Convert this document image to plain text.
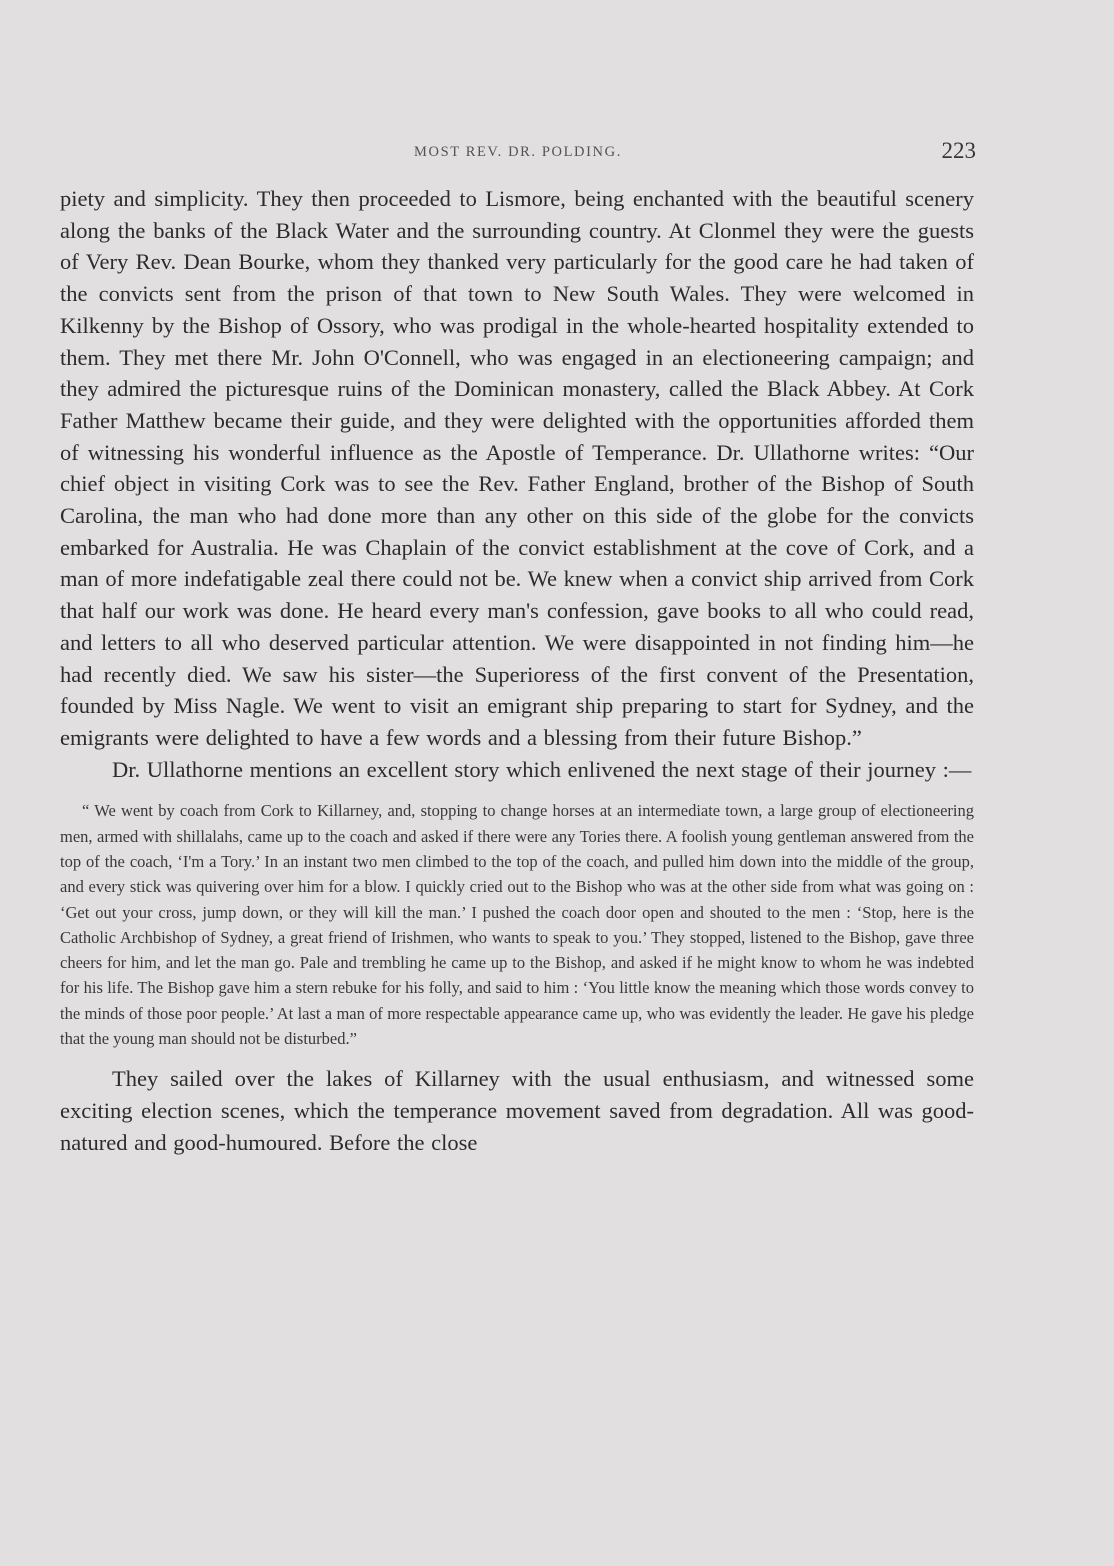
MOST REV. DR. POLDING.	223

piety and simplicity. They then proceeded to Lismore, being enchanted with the beautiful scenery along the banks of the Black Water and the surrounding country. At Clonmel they were the guests of Very Rev. Dean Bourke, whom they thanked very particularly for the good care he had taken of the convicts sent from the prison of that town to New South Wales. They were welcomed in Kilkenny by the Bishop of Ossory, who was prodigal in the whole-hearted hospitality extended to them. They met there Mr. John O'Connell, who was engaged in an electioneering campaign; and they admired the picturesque ruins of the Dominican monastery, called the Black Abbey. At Cork Father Matthew became their guide, and they were delighted with the opportunities afforded them of witnessing his wonderful influence as the Apostle of Temperance. Dr. Ullathorne writes: “Our chief object in visiting Cork was to see the Rev. Father England, brother of the Bishop of South Carolina, the man who had done more than any other on this side of the globe for the convicts embarked for Australia. He was Chaplain of the convict establishment at the cove of Cork, and a man of more indefatigable zeal there could not be. We knew when a convict ship arrived from Cork that half our work was done. He heard every man's confession, gave books to all who could read, and letters to all who deserved particular attention. We were disappointed in not finding him—he had recently died. We saw his sister—the Superioress of the first convent of the Presentation, founded by Miss Nagle. We went to visit an emigrant ship preparing to start for Sydney, and the emigrants were delighted to have a few words and a blessing from their future Bishop.”

Dr. Ullathorne mentions an excellent story which enlivened the next stage of their journey :—

“ We went by coach from Cork to Killarney, and, stopping to change horses at an intermediate town, a large group of electioneering men, armed with shillalahs, came up to the coach and asked if there were any Tories there. A foolish young gentleman answered from the top of the coach, ‘I'm a Tory.’ In an instant two men climbed to the top of the coach, and pulled him down into the middle of the group, and every stick was quivering over him for a blow. I quickly cried out to the Bishop who was at the other side from what was going on : ‘Get out your cross, jump down, or they will kill the man.’ I pushed the coach door open and shouted to the men : ‘Stop, here is the Catholic Archbishop of Sydney, a great friend of Irishmen, who wants to speak to you.’ They stopped, listened to the Bishop, gave three cheers for him, and let the man go. Pale and trembling he came up to the Bishop, and asked if he might know to whom he was indebted for his life. The Bishop gave him a stern rebuke for his folly, and said to him : ‘You little know the meaning which those words convey to the minds of those poor people.’ At last a man of more respectable appearance came up, who was evidently the leader. He gave his pledge that the young man should not be disturbed.”

They sailed over the lakes of Killarney with the usual enthusiasm, and witnessed some exciting election scenes, which the temperance movement saved from degradation. All was good-natured and good-humoured. Before the close
